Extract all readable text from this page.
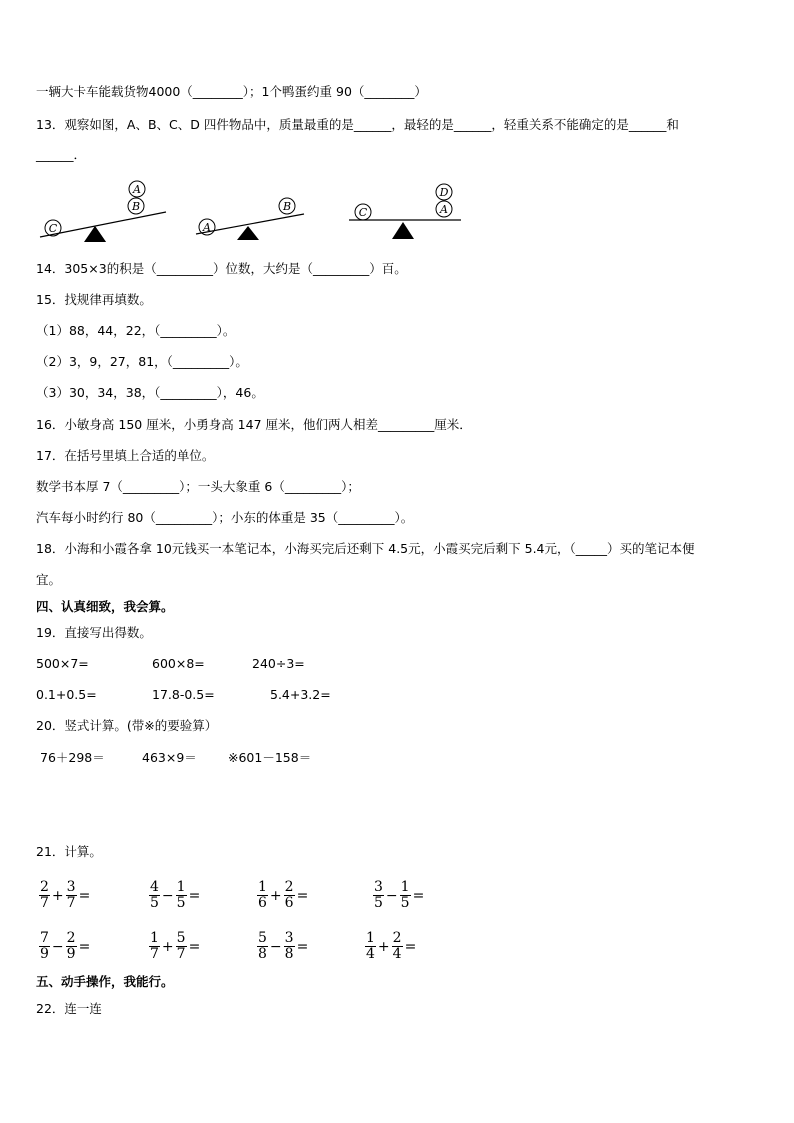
一辆大卡车能载货物4000（________）；1个鸭蛋约重 90（________）
13．观察如图，A、B、C、D 四件物品中，质量最重的是______，最轻的是______，轻重关系不能确定的是______和
______．
C
B
A
A
B	C	A
D
14．305×3的积是（_________）位数，大约是（_________）百。
15．找规律再填数。
（1）88，44，22，（_________）。
（2）3，9，27，81，（_________）。
（3）30，34，38，（_________），46。
16．小敏身高 150 厘米，小勇身高 147 厘米，他们两人相差_________厘米．
17．在括号里填上合适的单位。
数学书本厚 7（_________）；一头大象重 6（_________）；
汽车每小时约行 80（_________）；小东的体重是 35（_________）。
18．小海和小霞各拿 10元钱买一本笔记本，小海买完后还剩下 4.5元，小霞买完后剩下 5.4元，（_____）买的笔记本便
宜。
四、认真细致，我会算。
19．直接写出得数。
500×7=	600×8=	240÷3=
0.1+0.5=	17.8-0.5=	5.4+3.2=
20．竖式计算。(带※的要验算）
76＋298＝	463×9＝ ※601－158＝
21．计算。
$\frac{2}{7} + \frac{3}{7}$ =	$\frac{4}{5} - \frac{1}{5}$ =	$\frac{1}{6} + \frac{2}{6}$ =	$\frac{3}{5} - \frac{1}{5}$ =
$\frac{7}{9} - \frac{2}{9}$ =	$\frac{1}{7} + \frac{5}{7}$ =	$\frac{5}{8} - \frac{3}{8}$ =	$\frac{1}{4} + \frac{2}{4}$ =
五、动手操作，我能行。
22．连一连
